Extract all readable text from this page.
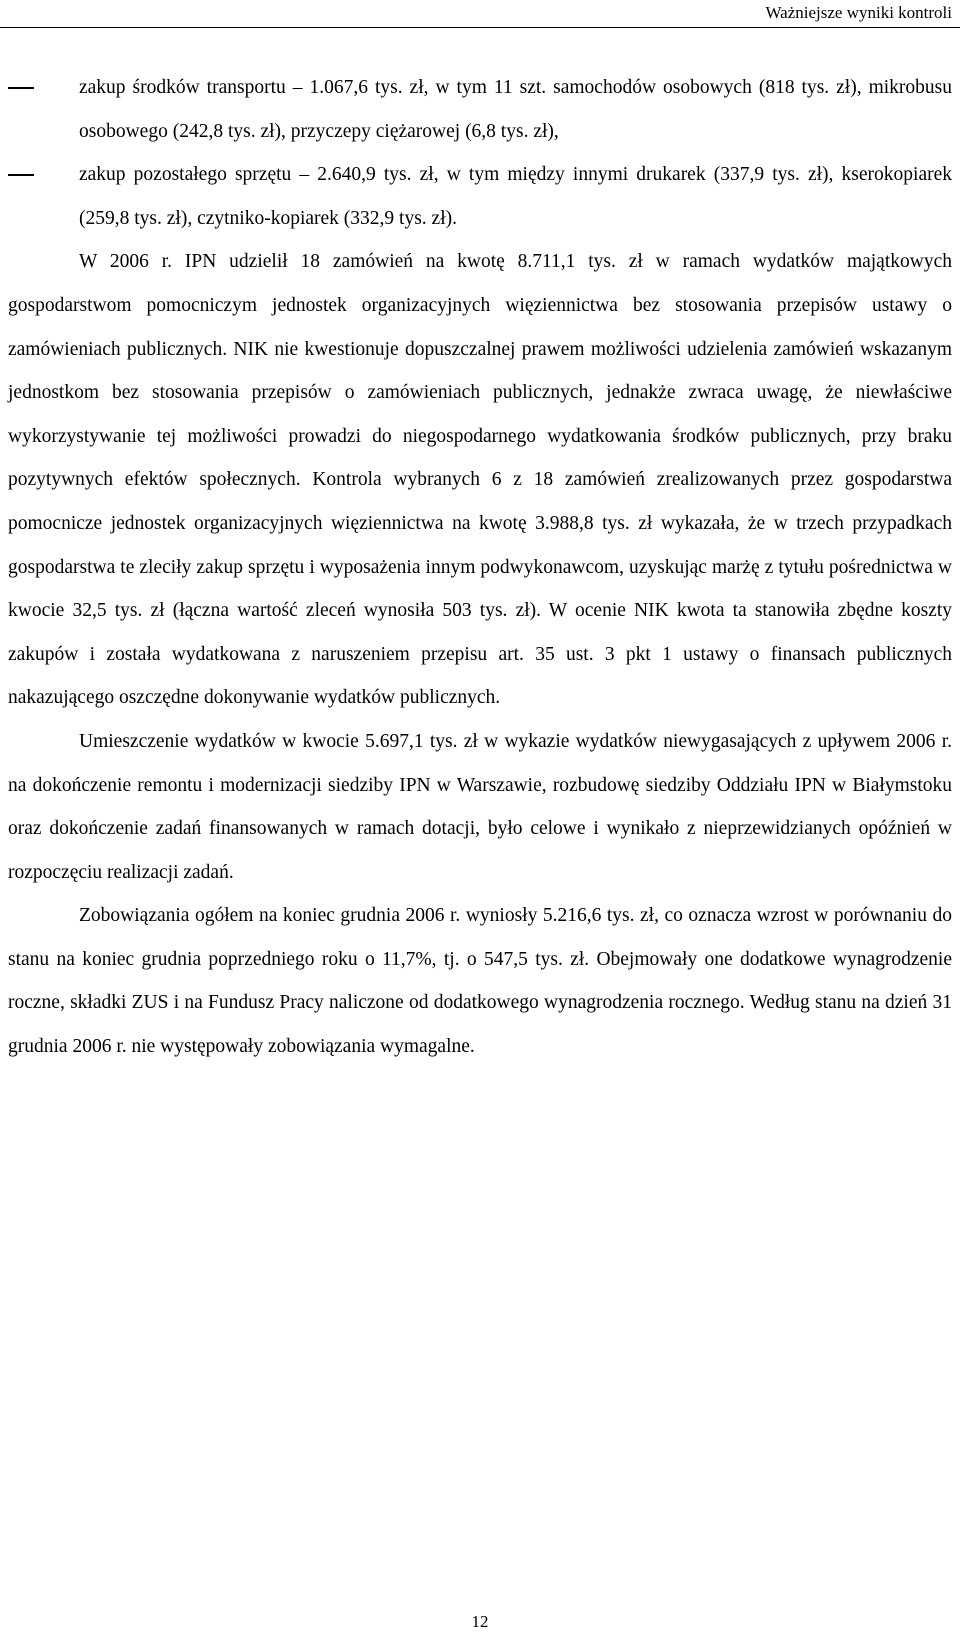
Ważniejsze wyniki kontroli
zakup środków transportu – 1.067,6 tys. zł, w tym 11 szt. samochodów osobowych (818 tys. zł), mikrobusu osobowego (242,8 tys. zł), przyczepy ciężarowej (6,8 tys. zł),
zakup pozostałego sprzętu – 2.640,9 tys. zł, w tym między innymi drukarek (337,9 tys. zł), kserokopiarek (259,8 tys. zł), czytniko-kopiarek (332,9 tys. zł).

W 2006 r. IPN udzielił 18 zamówień na kwotę 8.711,1 tys. zł w ramach wydatków majątkowych gospodarstwom pomocniczym jednostek organizacyjnych więziennictwa bez stosowania przepisów ustawy o zamówieniach publicznych. NIK nie kwestionuje dopuszczalnej prawem możliwości udzielenia zamówień wskazanym jednostkom bez stosowania przepisów o zamówieniach publicznych, jednakże zwraca uwagę, że niewłaściwe wykorzystywanie tej możliwości prowadzi do niegospodarnego wydatkowania środków publicznych, przy braku pozytywnych efektów społecznych. Kontrola wybranych 6 z 18 zamówień zrealizowanych przez gospodarstwa pomocnicze jednostek organizacyjnych więziennictwa na kwotę 3.988,8 tys. zł wykazała, że w trzech przypadkach gospodarstwa te zleciły zakup sprzętu i wyposażenia innym podwykonawcom, uzyskując marżę z tytułu pośrednictwa w kwocie 32,5 tys. zł (łączna wartość zleceń wynosiła 503 tys. zł). W ocenie NIK kwota ta stanowiła zbędne koszty zakupów i została wydatkowana z naruszeniem przepisu art. 35 ust. 3 pkt 1 ustawy o finansach publicznych nakazującego oszczędne dokonywanie wydatków publicznych.

Umieszczenie wydatków w kwocie 5.697,1 tys. zł w wykazie wydatków niewygasających z upływem 2006 r. na dokończenie remontu i modernizacji siedziby IPN w Warszawie, rozbudowę siedziby Oddziału IPN w Białymstoku oraz dokończenie zadań finansowanych w ramach dotacji, było celowe i wynikało z nieprzewidzianych opóźnień w rozpoczęciu realizacji zadań.

Zobowiązania ogółem na koniec grudnia 2006 r. wyniosły 5.216,6 tys. zł, co oznacza wzrost w porównaniu do stanu na koniec grudnia poprzedniego roku o 11,7%, tj. o 547,5 tys. zł. Obejmowały one dodatkowe wynagrodzenie roczne, składki ZUS i na Fundusz Pracy naliczone od dodatkowego wynagrodzenia rocznego. Według stanu na dzień 31 grudnia 2006 r. nie występowały zobowiązania wymagalne.

12
